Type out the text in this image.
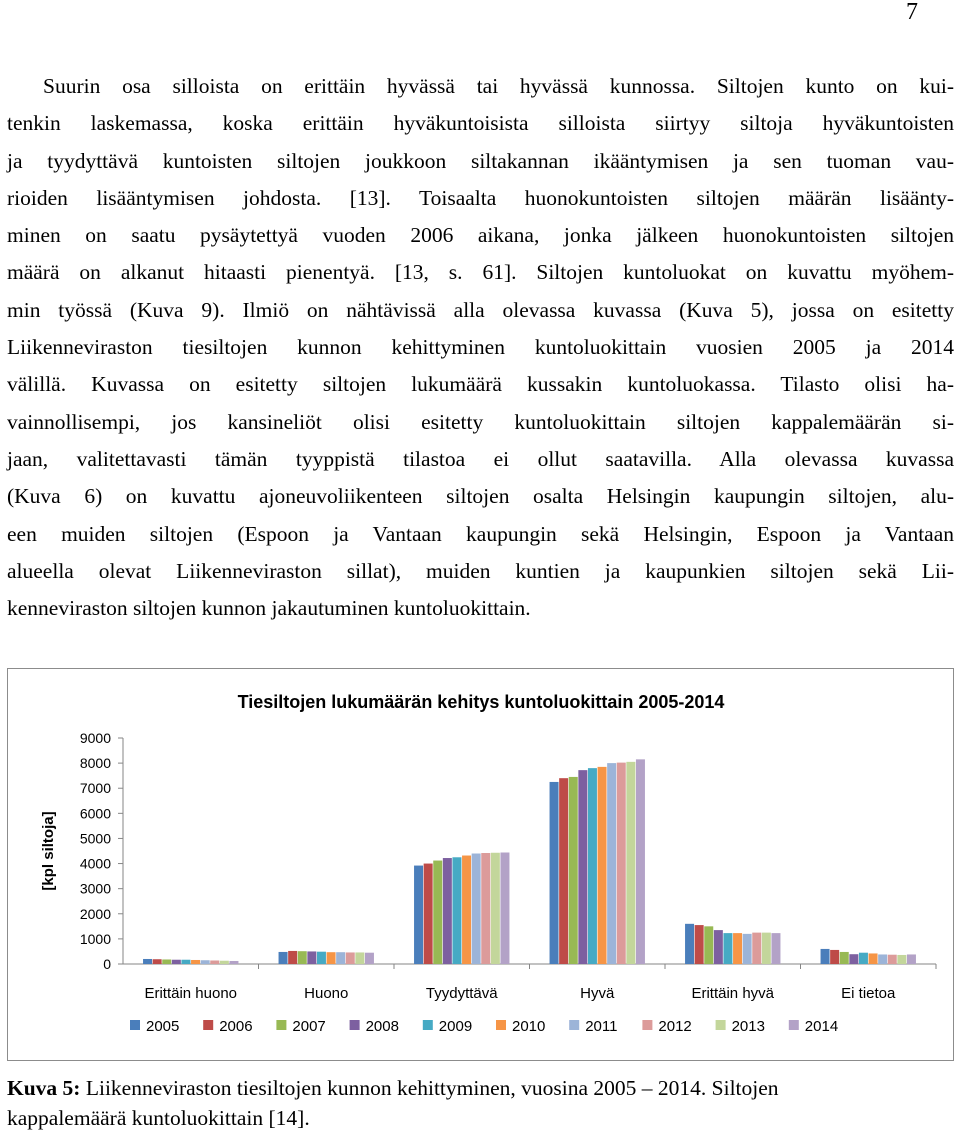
7
Suurin osa silloista on erittäin hyvässä tai hyvässä kunnossa. Siltojen kunto on kui-
tenkin laskemassa, koska erittäin hyväkuntoisista silloista siirtyy siltoja hyväkuntoisten
ja tyydyttävä kuntoisten siltojen joukkoon siltakannan ikääntymisen ja sen tuoman vau-
rioiden lisääntymisen johdosta. [13]. Toisaalta huonokuntoisten siltojen määrän lisäänty-
minen on saatu pysäytettyä vuoden 2006 aikana, jonka jälkeen huonokuntoisten siltojen
määrä on alkanut hitaasti pienentyä. [13, s. 61]. Siltojen kuntoluokat on kuvattu myöhem-
min työssä (Kuva 9). Ilmiö on nähtävissä alla olevassa kuvassa (Kuva 5), jossa on esitetty
Liikenneviraston tiesiltojen kunnon kehittyminen kuntoluokittain vuosien 2005 ja 2014
välillä. Kuvassa on esitetty siltojen lukumäärä kussakin kuntoluokassa. Tilasto olisi ha-
vainnollisempi, jos kansineliöt olisi esitetty kuntoluokittain siltojen kappalemäärän si-
jaan, valitettavasti tämän tyyppistä tilastoa ei ollut saatavilla. Alla olevassa kuvassa
(Kuva 6) on kuvattu ajoneuvoliikenteen siltojen osalta Helsingin kaupungin siltojen, alu-
een muiden siltojen (Espoon ja Vantaan kaupungin sekä Helsingin, Espoon ja Vantaan
alueella olevat Liikenneviraston sillat), muiden kuntien ja kaupunkien siltojen sekä Lii-
kenneviraston siltojen kunnon jakautuminen kuntoluokittain.
Tiesiltojen lukumäärän kehitys kuntoluokittain 2005-2014
[kpl siltoja]
0
1000
2000
3000
4000
5000
6000
7000
8000
9000
Erittäin huono	Huono	Tyydyttävä	Hyvä	Erittäin hyvä	Ei tietoa
2005	2006	2007	2008	2009	2010	2011	2012	2013	2014
Kuva 5: Liikenneviraston tiesiltojen kunnon kehittyminen, vuosina 2005 – 2014. Siltojen
kappalemäärä kuntoluokittain [14].
